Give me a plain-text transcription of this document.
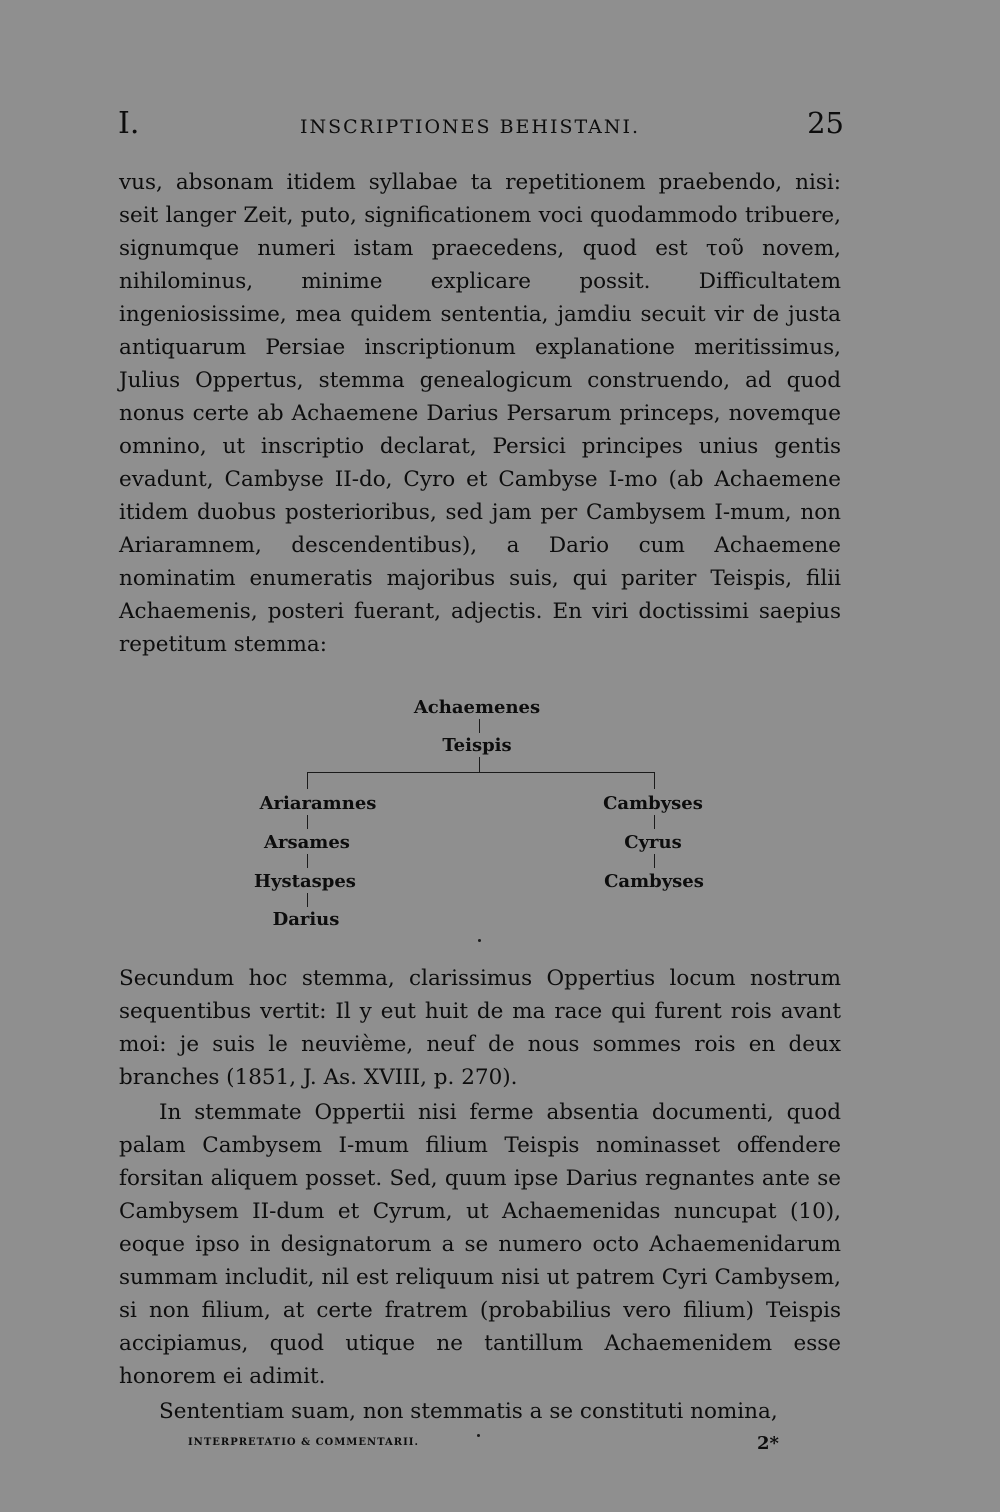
I.	INSCRIPTIONES BEHISTANI.	25

vus, absonam itidem syllabae ta repetitionem praebendo, nisi: seit langer Zeit, puto, significationem voci quodammodo tribuere, signumque numeri istam praecedens, quod est τοῦ novem, nihilominus, minime explicare possit. Difficultatem ingeniosissime, mea quidem sententia, jamdiu secuit vir de justa antiquarum Persiae inscriptionum explanatione meritissimus, Julius Oppertus, stemma genealogicum construendo, ad quod nonus certe ab Achaemene Darius Persarum princeps, novemque omnino, ut inscriptio declarat, Persici principes unius gentis evadunt, Cambyse II-do, Cyro et Cambyse I-mo (ab Achaemene itidem duobus posterioribus, sed jam per Cambysem I-mum, non Ariaramnem, descendentibus), a Dario cum Achaemene nominatim enumeratis majoribus suis, qui pariter Teispis, filii Achaemenis, posteri fuerant, adjectis. En viri doctissimi saepius repetitum stemma:

Achaemenes
Teispis
Ariaramnes
Arsames
Hystaspes
Darius
Cambyses
Cyrus
Cambyses

Secundum hoc stemma, clarissimus Oppertius locum nostrum sequentibus vertit: Il y eut huit de ma race qui furent rois avant moi: je suis le neuvième, neuf de nous sommes rois en deux branches (1851, J. As. XVIII, p. 270).

In stemmate Oppertii nisi ferme absentia documenti, quod palam Cambysem I-mum filium Teispis nominasset offendere forsitan aliquem posset. Sed, quum ipse Darius regnantes ante se Cambysem II-dum et Cyrum, ut Achaemenidas nuncupat (10), eoque ipso in designatorum a se numero octo Achaemenidarum summam includit, nil est reliquum nisi ut patrem Cyri Cambysem, si non filium, at certe fratrem (probabilius vero filium) Teispis accipiamus, quod utique ne tantillum Achaemenidem esse honorem ei adimit.

Sententiam suam, non stemmatis a se constituti nomina,

INTERPRETATIO & COMMENTARII.	2*
